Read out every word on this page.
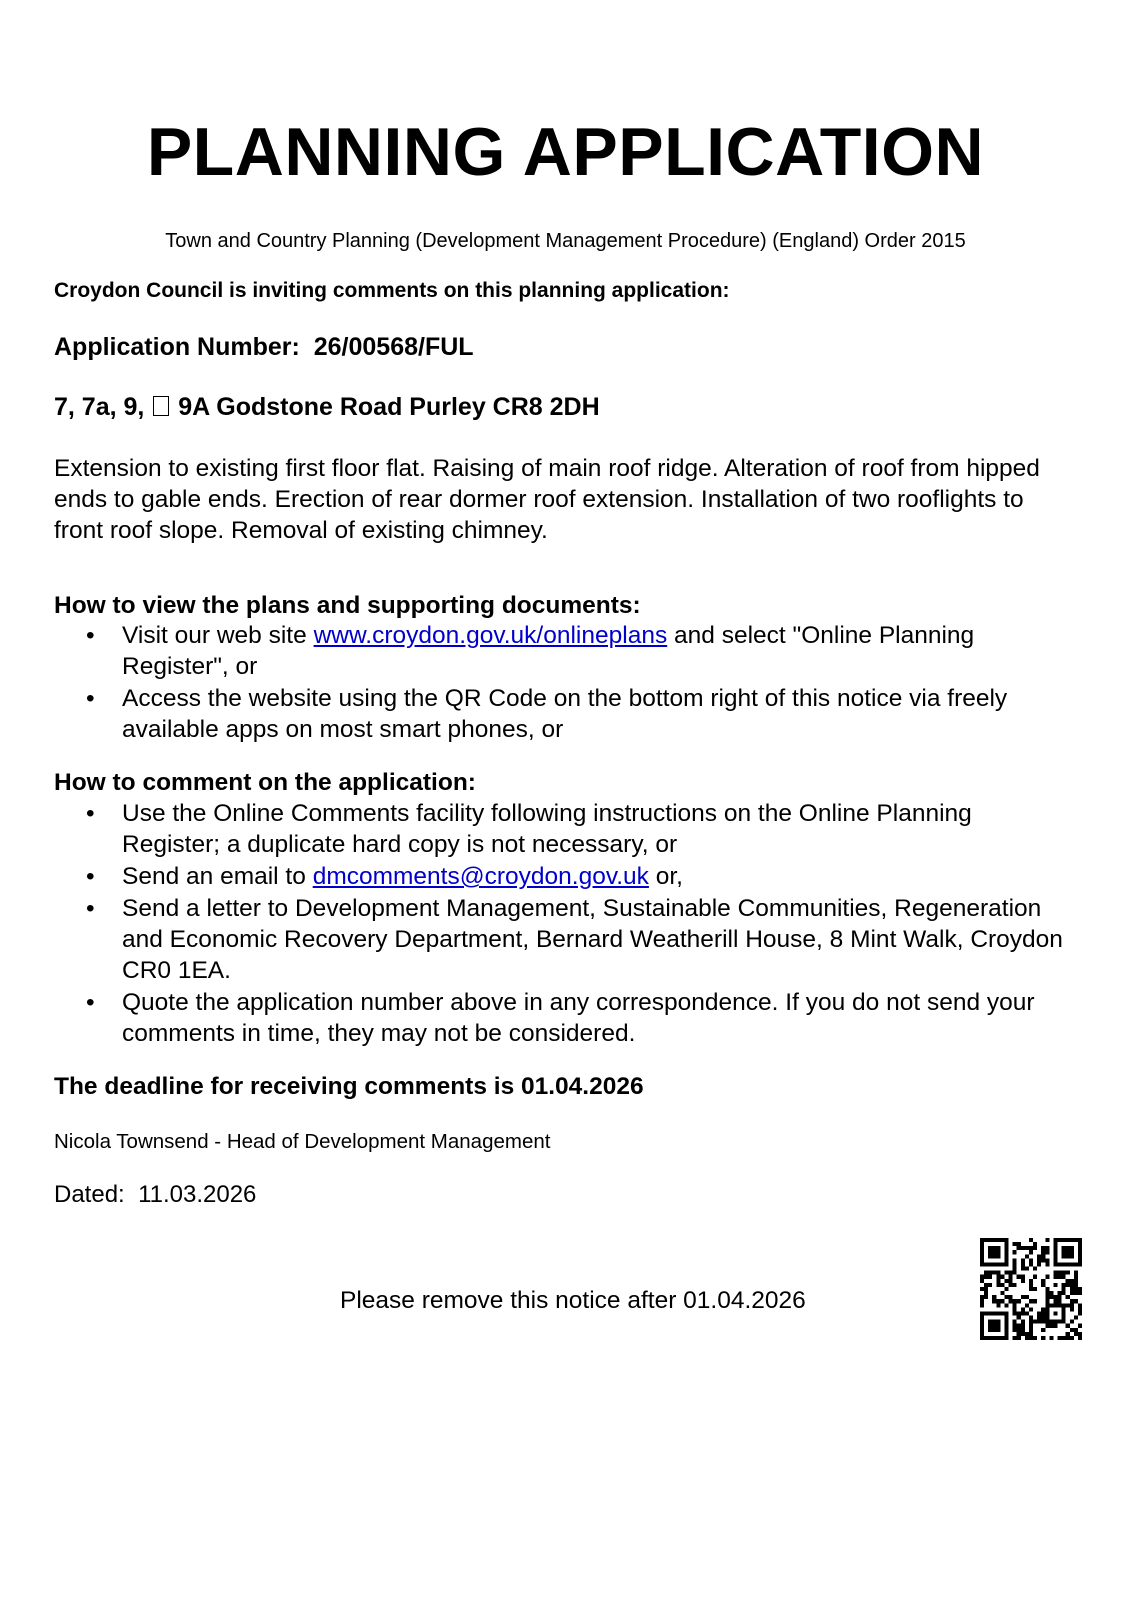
PLANNING APPLICATION
Town and Country Planning (Development Management Procedure) (England) Order 2015
Croydon Council is inviting comments on this planning application:
Application Number: 26/00568/FUL
7, 7a, 9, 9A Godstone Road Purley CR8 2DH
Extension to existing first floor flat. Raising of main roof ridge. Alteration of roof from hipped ends to gable ends. Erection of rear dormer roof extension. Installation of two rooflights to front roof slope. Removal of existing chimney.
How to view the plans and supporting documents:
• Visit our web site www.croydon.gov.uk/onlineplans and select "Online Planning Register", or
• Access the website using the QR Code on the bottom right of this notice via freely available apps on most smart phones, or
How to comment on the application:
• Use the Online Comments facility following instructions on the Online Planning Register; a duplicate hard copy is not necessary, or
• Send an email to dmcomments@croydon.gov.uk or,
• Send a letter to Development Management, Sustainable Communities, Regeneration and Economic Recovery Department, Bernard Weatherill House, 8 Mint Walk, Croydon CR0 1EA.
• Quote the application number above in any correspondence. If you do not send your comments in time, they may not be considered.
The deadline for receiving comments is 01.04.2026
Nicola Townsend - Head of Development Management
Dated: 11.03.2026
Please remove this notice after 01.04.2026
